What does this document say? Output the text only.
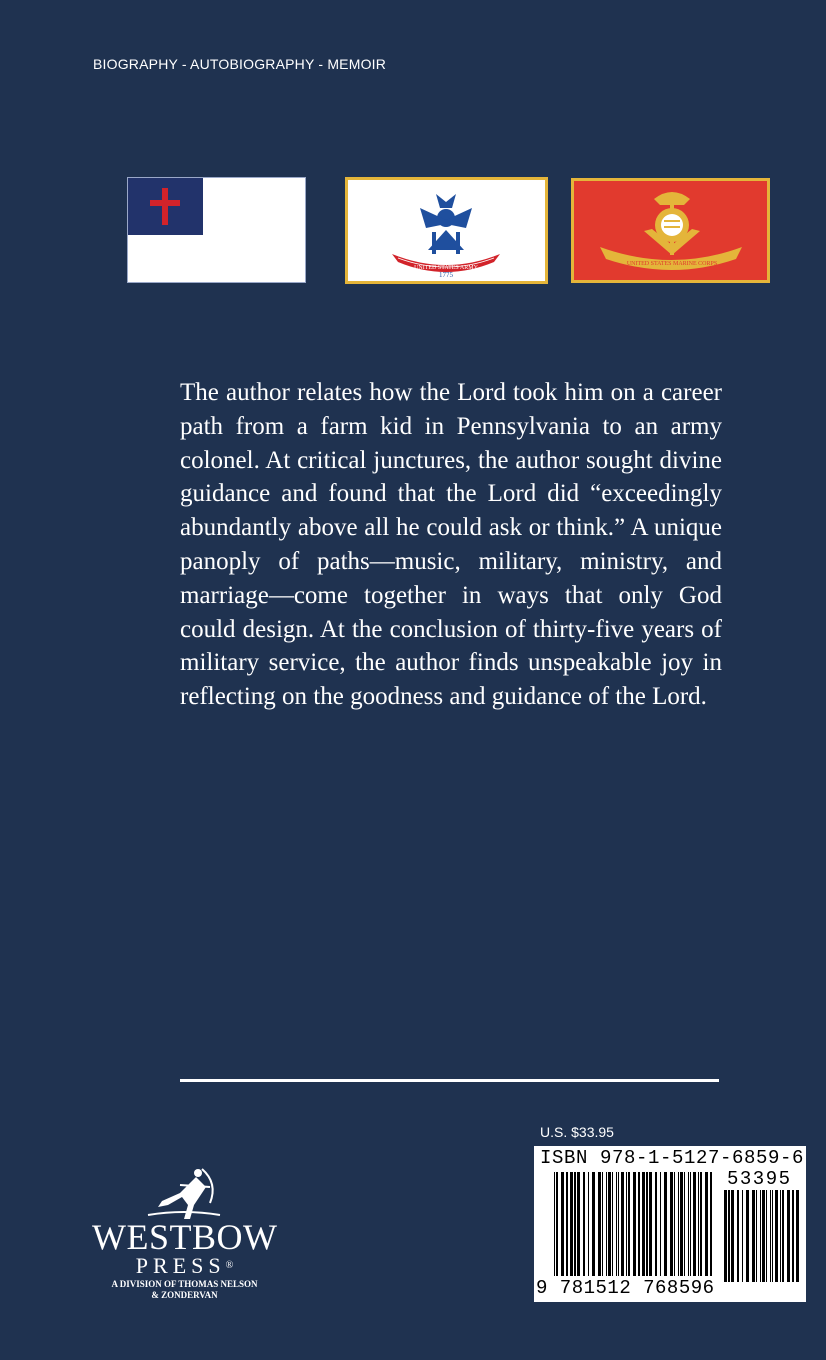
BIOGRAPHY - AUTOBIOGRAPHY - MEMOIR
UNITED STATES ARMY
1775
UNITED STATES MARINE CORPS

The author relates how the Lord took him on a career path from a farm kid in Pennsylvania to an army colonel. At critical junctures, the author sought divine guidance and found that the Lord did “exceedingly abundantly above all he could ask or think.” A unique panoply of paths—music, military, ministry, and marriage—come together in ways that only God could design. At the conclusion of thirty-five years of military service, the author finds unspeakable joy in reflecting on the goodness and guidance of the Lord.

U.S. $33.95
ISBN 978-1-5127-6859-6
53395
9 781512 768596
WESTBOW
PRESS®
A DIVISION OF THOMAS NELSON
& ZONDERVAN
